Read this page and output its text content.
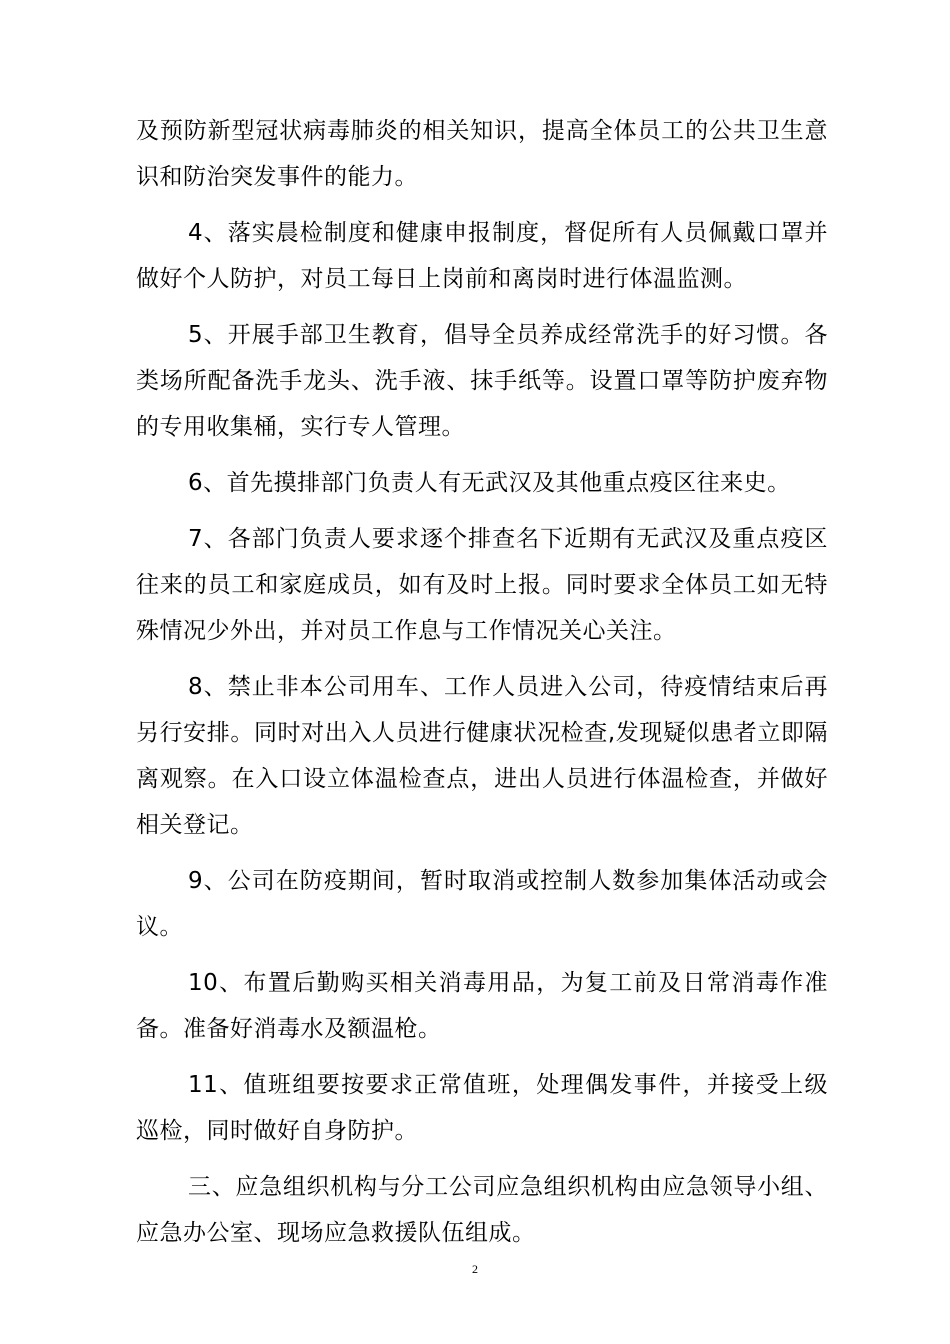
及预防新型冠状病毒肺炎的相关知识，提高全体员工的公共卫生意识和防治突发事件的能力。

4、落实晨检制度和健康申报制度，督促所有人员佩戴口罩并做好个人防护，对员工每日上岗前和离岗时进行体温监测。

5、开展手部卫生教育，倡导全员养成经常洗手的好习惯。各类场所配备洗手龙头、洗手液、抹手纸等。设置口罩等防护废弃物的专用收集桶，实行专人管理。

6、首先摸排部门负责人有无武汉及其他重点疫区往来史。

7、各部门负责人要求逐个排查名下近期有无武汉及重点疫区往来的员工和家庭成员，如有及时上报。同时要求全体员工如无特殊情况少外出，并对员工作息与工作情况关心关注。

8、禁止非本公司用车、工作人员进入公司，待疫情结束后再另行安排。同时对出入人员进行健康状况检查,发现疑似患者立即隔离观察。在入口设立体温检查点，进出人员进行体温检查，并做好相关登记。

9、公司在防疫期间，暂时取消或控制人数参加集体活动或会议。

10、布置后勤购买相关消毒用品，为复工前及日常消毒作准备。准备好消毒水及额温枪。

11、值班组要按要求正常值班，处理偶发事件，并接受上级巡检，同时做好自身防护。

三、应急组织机构与分工公司应急组织机构由应急领导小组、应急办公室、现场应急救援队伍组成。

2
